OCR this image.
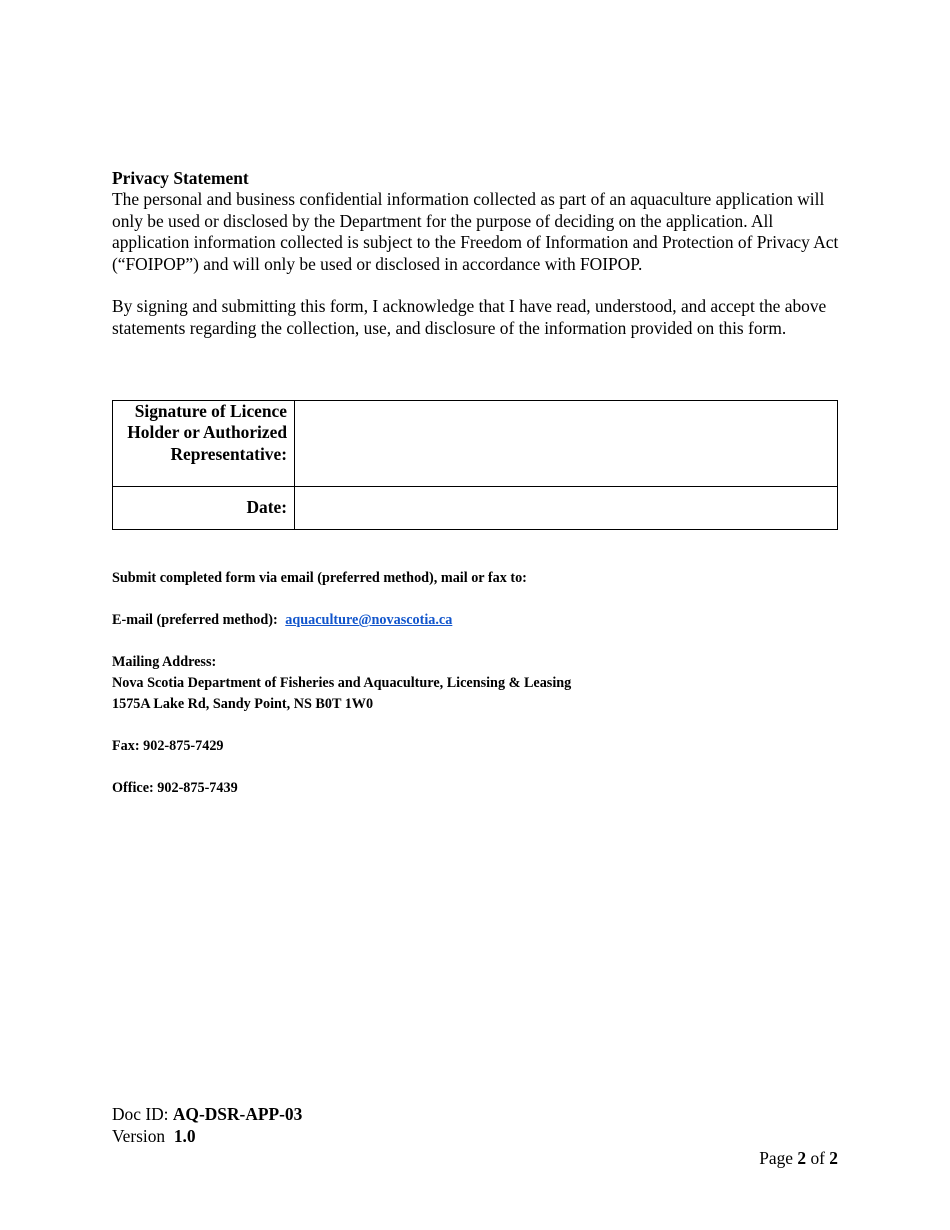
Privacy Statement

The personal and business confidential information collected as part of an aquaculture application will only be used or disclosed by the Department for the purpose of deciding on the application. All application information collected is subject to the Freedom of Information and Protection of Privacy Act (“FOIPOP”) and will only be used or disclosed in accordance with FOIPOP.

By signing and submitting this form, I acknowledge that I have read, understood, and accept the above statements regarding the collection, use, and disclosure of the information provided on this form.

Signature of Licence Holder or Authorized Representative:	
Date:	

Submit completed form via email (preferred method), mail or fax to:

E-mail (preferred method): aquaculture@novascotia.ca

Mailing Address:

Nova Scotia Department of Fisheries and Aquaculture, Licensing & Leasing

1575A Lake Rd, Sandy Point, NS B0T 1W0

Fax: 902-875-7429

Office: 902-875-7439

Doc ID: AQ-DSR-APP-03

Version 1.0

Page 2 of 2
